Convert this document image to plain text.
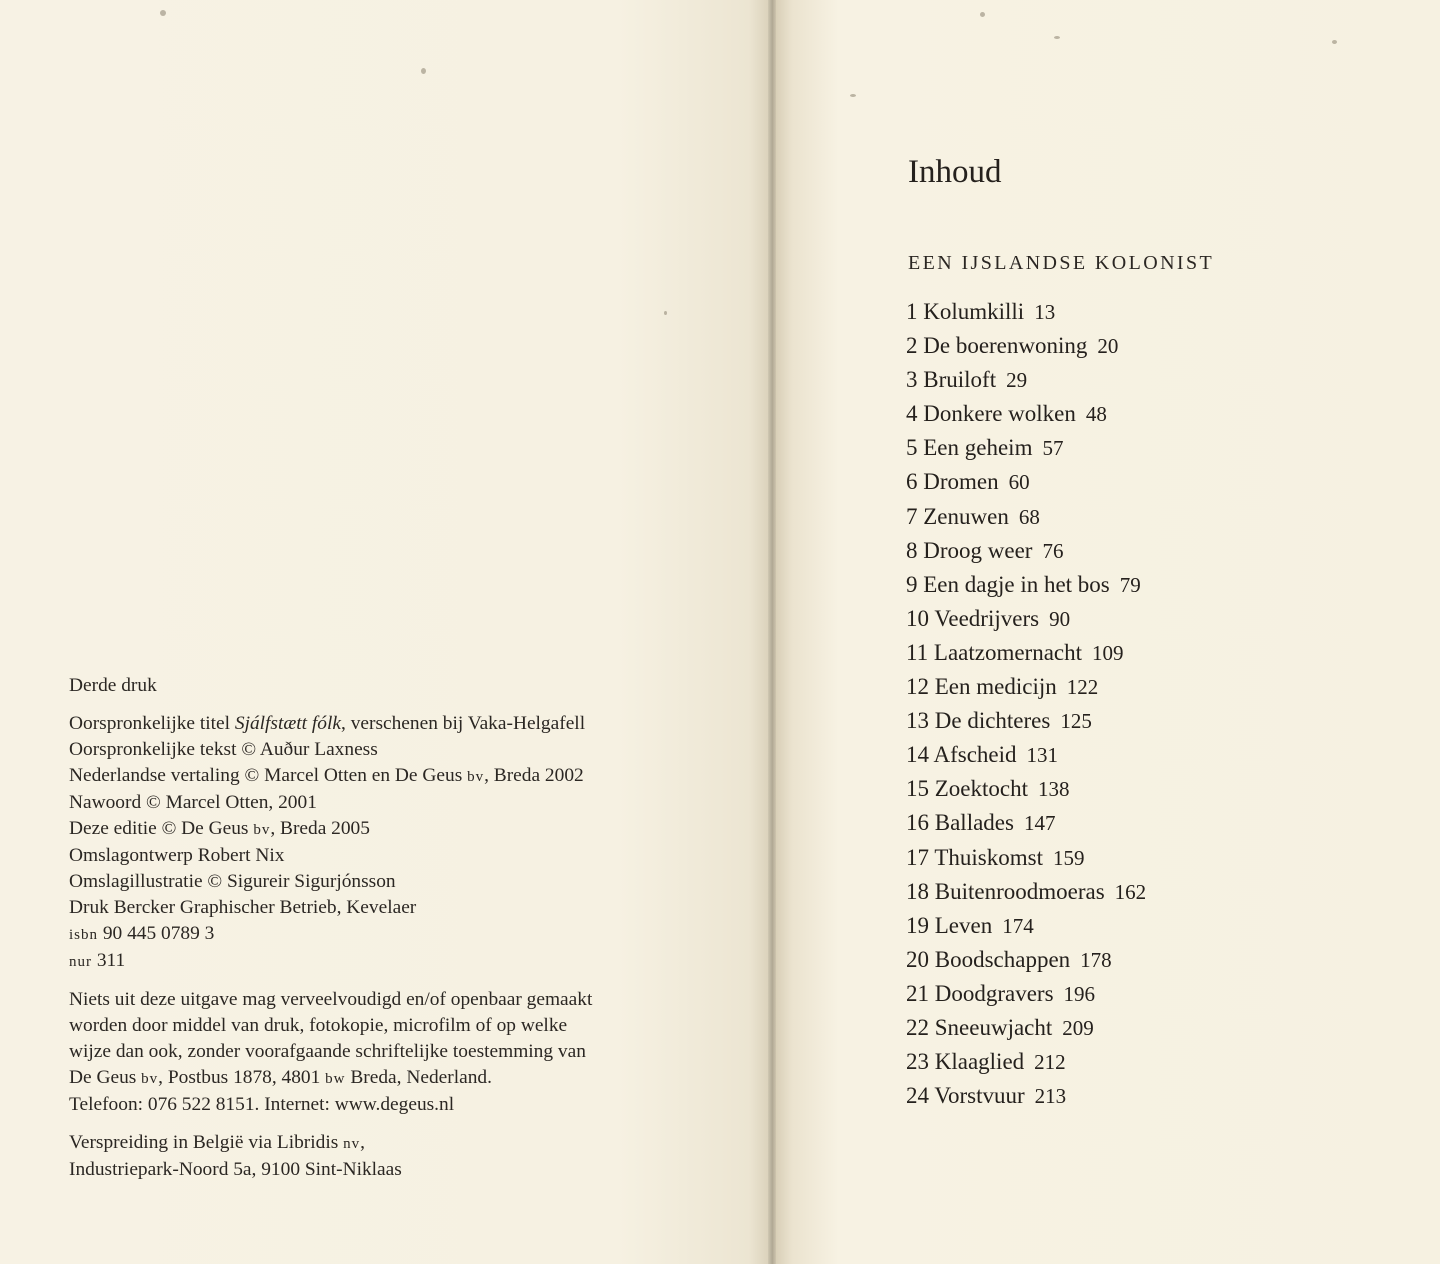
Derde druk
Oorspronkelijke titel Sjálfstætt fólk, verschenen bij Vaka-Helgafell
Oorspronkelijke tekst © Auður Laxness
Nederlandse vertaling © Marcel Otten en De Geus bv, Breda 2002
Nawoord © Marcel Otten, 2001
Deze editie © De Geus bv, Breda 2005
Omslagontwerp Robert Nix
Omslagillustratie © Sigureir Sigurjónsson
Druk Bercker Graphischer Betrieb, Kevelaer
isbn 90 445 0789 3
nur 311
Niets uit deze uitgave mag verveelvoudigd en/of openbaar gemaakt
worden door middel van druk, fotokopie, microfilm of op welke
wijze dan ook, zonder voorafgaande schriftelijke toestemming van
De Geus bv, Postbus 1878, 4801 bw Breda, Nederland.
Telefoon: 076 522 8151. Internet: www.degeus.nl
Verspreiding in België via Libridis nv,
Industriepark-Noord 5a, 9100 Sint-Niklaas
Inhoud
EEN IJSLANDSE KOLONIST
1 Kolumkilli 13
2 De boerenwoning 20
3 Bruiloft 29
4 Donkere wolken 48
5 Een geheim 57
6 Dromen 60
7 Zenuwen 68
8 Droog weer 76
9 Een dagje in het bos 79
10 Veedrijvers 90
11 Laatzomernacht 109
12 Een medicijn 122
13 De dichteres 125
14 Afscheid 131
15 Zoektocht 138
16 Ballades 147
17 Thuiskomst 159
18 Buitenroodmoeras 162
19 Leven 174
20 Boodschappen 178
21 Doodgravers 196
22 Sneeuwjacht 209
23 Klaaglied 212
24 Vorstvuur 213
